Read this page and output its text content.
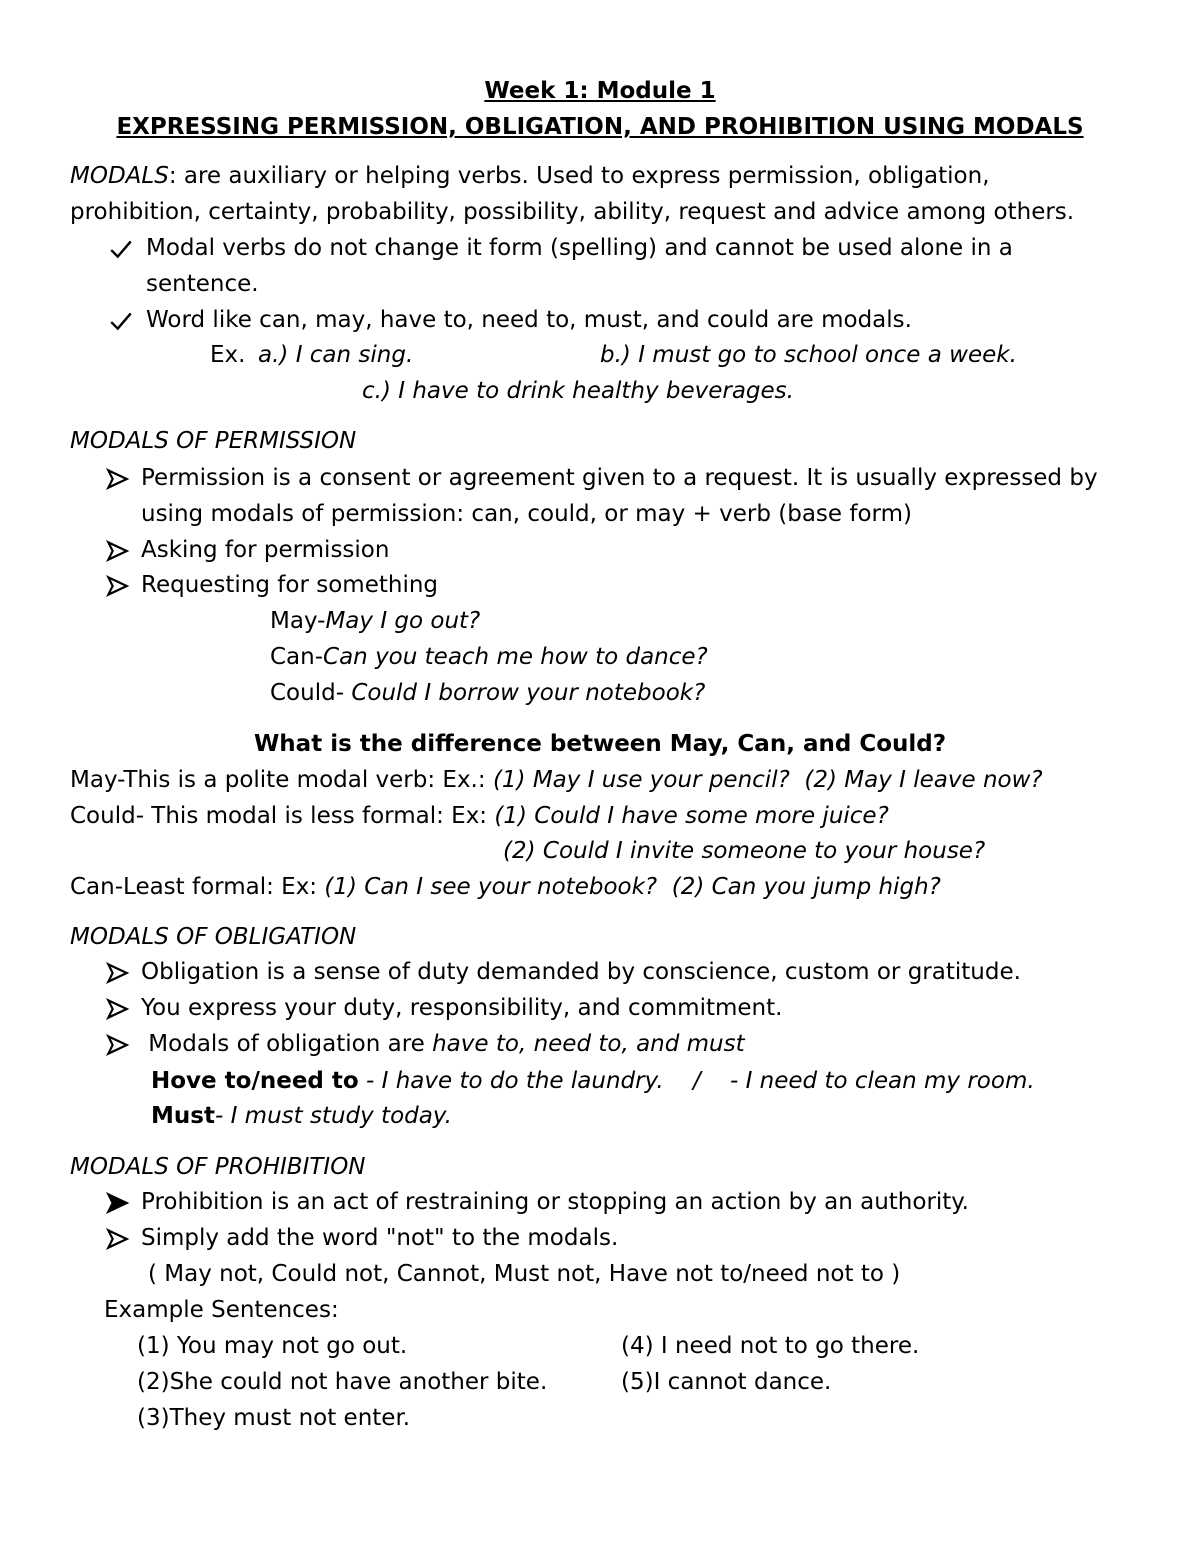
Week 1: Module 1
EXPRESSING PERMISSION, OBLIGATION, AND PROHIBITION USING MODALS
MODALS: are auxiliary or helping verbs. Used to express permission, obligation,
prohibition, certainty, probability, possibility, ability, request and advice among others.
Modal verbs do not change it form (spelling) and cannot be used alone in a
sentence.
Word like can, may, have to, need to, must, and could are modals.
Ex. a.) I can sing.	b.) I must go to school once a week.
c.) I have to drink healthy beverages.
MODALS OF PERMISSION
Permission is a consent or agreement given to a request. It is usually expressed by
using modals of permission: can, could, or may + verb (base form)
Asking for permission
Requesting for something
May-May I go out?
Can-Can you teach me how to dance?
Could- Could I borrow your notebook?
What is the difference between May, Can, and Could?
May-This is a polite modal verb: Ex.: (1) May I use your pencil?  (2) May I leave now?
Could- This modal is less formal: Ex: (1) Could I have some more juice?
(2) Could I invite someone to your house?
Can-Least formal: Ex: (1) Can I see your notebook?  (2) Can you jump high?
MODALS OF OBLIGATION
Obligation is a sense of duty demanded by conscience, custom or gratitude.
You express your duty, responsibility, and commitment.
Modals of obligation are have to, need to, and must
Hove to/need to - I have to do the laundry.    /    - I need to clean my room.
Must- I must study today.
MODALS OF PROHIBITION
Prohibition is an act of restraining or stopping an action by an authority.
Simply add the word "not" to the modals.
( May not, Could not, Cannot, Must not, Have not to/need not to )
Example Sentences:
(1) You may not go out.
(2)She could not have another bite.
(3)They must not enter.
(4) I need not to go there.
(5)I cannot dance.
